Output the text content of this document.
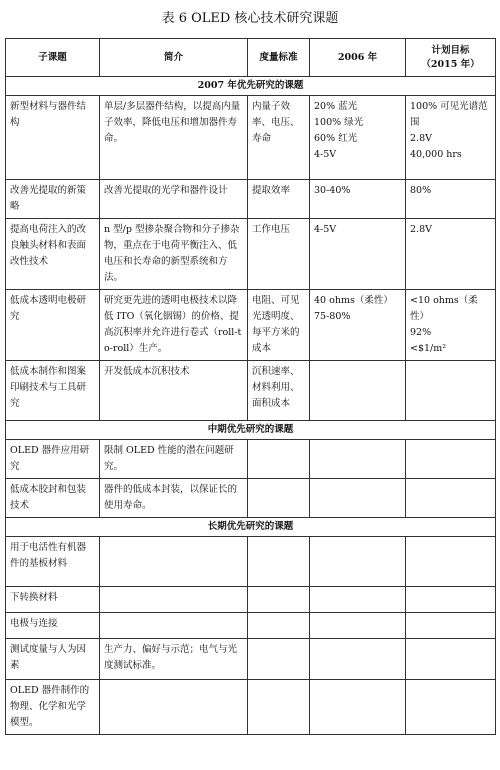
表 6 OLED 核心技术研究课题
子课题	简介	度量标准	2006 年	计划目标
（2015 年）
2007 年优先研究的课题				
新型材料与器件结构	单层/多层器件结构，以提高内量子效率，降低电压和增加器件寿命。	内量子效率、电压、寿命	20% 蓝光
100% 绿光
60% 红光
4-5V	100% 可见光谱范围
2.8V
40,000 hrs

改善光提取的新策略	改善光提取的光学和器件设计	提取效率	30-40%	80%

提高电荷注入的改良触头材料和表面改性技术	n 型/p 型掺杂聚合物和分子掺杂物，重点在于电荷平衡注入、低电压和长寿命的新型系统和方法。	工作电压	4-5V	2.8V

低成本透明电极研究	研究更先进的透明电极技术以降低 ITO（氧化铟锡）的价格、提高沉积率并允许进行卷式（roll-to-roll）生产。	电阻、可见光透明度、每平方米的成本	40 ohms（柔性）
75-80%	<10 ohms（柔性）
92%
<$1/m²

低成本制作和图案印刷技术与工具研究	开发低成本沉积技术	沉积速率、材料利用、面积成本		
中期优先研究的课题				
OLED 器件应用研究	限制 OLED 性能的潜在问题研究。			
低成本胶封和包装技术	器件的低成本封装，以保证长的使用寿命。			
长期优先研究的课题				
用于电活性有机器件的基板材料				
下转换材料				
电极与连接				
测试度量与人为因素	生产力、偏好与示范；电气与光度测试标准。			
OLED 器件制作的物理、化学和光学模型。				
